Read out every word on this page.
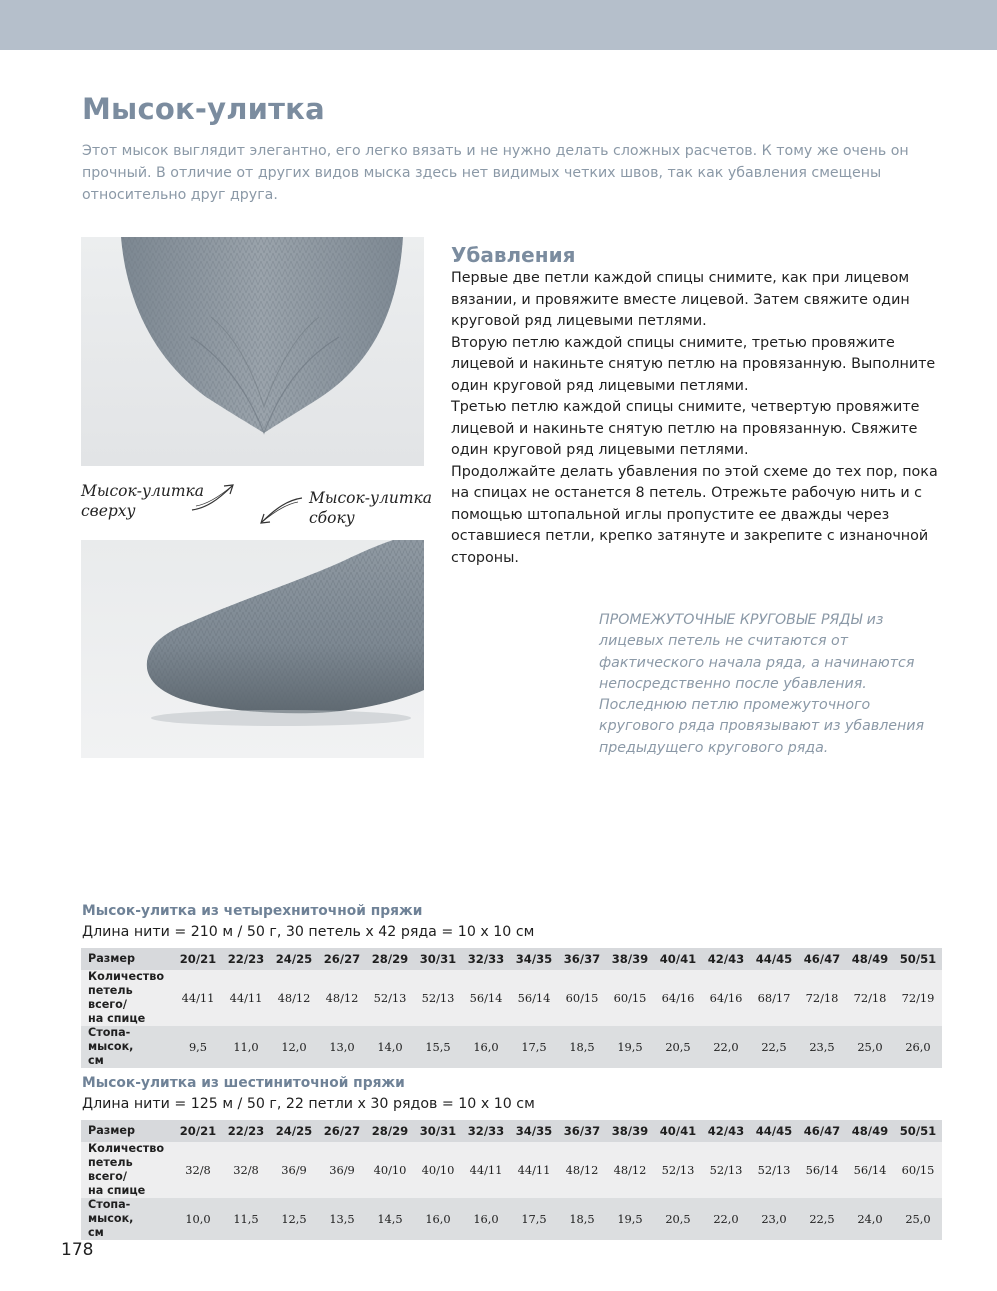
Мысок-улитка

Этот мысок выглядит элегантно, его легко вязать и не нужно делать сложных расчетов. К тому же очень он прочный. В отличие от других видов мыска здесь нет видимых четких швов, так как убавления смещены относительно друг друга.

Мысок-улитка
сверху

Мысок-улитка
сбоку

Убавления

Первые две петли каждой спицы снимите, как при лицевом вязании, и провяжите вместе лицевой. Затем свяжите один круговой ряд лицевыми петлями.

Вторую петлю каждой спицы снимите, третью провяжите лицевой и накиньте снятую петлю на провязанную. Выполните один круговой ряд лицевыми петлями.

Третью петлю каждой спицы снимите, четвертую провяжите лицевой и накиньте снятую петлю на провязанную. Свяжите один круговой ряд лицевыми петлями.

Продолжайте делать убавления по этой схеме до тех пор, пока на спицах не останется 8 петель. Отрежьте рабочую нить и с помощью штопальной иглы пропустите ее дважды через оставшиеся петли, крепко затянуте и закрепите с изнаночной стороны.

ПРОМЕЖУТОЧНЫЕ КРУГОВЫЕ РЯДЫ из лицевых петель не считаются от фактического начала ряда, а начинаются непосредственно после убавления. Последнюю петлю промежуточного кругового ряда провязывают из убавления предыдущего кругового ряда.

Мысок-улитка из четырехниточной пряжи

Длина нити = 210 м / 50 г, 30 петель х 42 ряда = 10 х 10 см

Размер	20/21	22/23	24/25	26/27	28/29	30/31	32/33	34/35	36/37	38/39	40/41	42/43	44/45	46/47	48/49	50/51
Количество
петель всего/
на спице	44/11	44/11	48/12	48/12	52/13	52/13	56/14	56/14	60/15	60/15	64/16	64/16	68/17	72/18	72/18	72/19
Стопа-мысок,
см	9,5	11,0	12,0	13,0	14,0	15,5	16,0	17,5	18,5	19,5	20,5	22,0	22,5	23,5	25,0	26,0

Мысок-улитка из шестиниточной пряжи

Длина нити = 125 м / 50 г, 22 петли х 30 рядов = 10 х 10 см

Размер	20/21	22/23	24/25	26/27	28/29	30/31	32/33	34/35	36/37	38/39	40/41	42/43	44/45	46/47	48/49	50/51
Количество
петель всего/
на спице	32/8	32/8	36/9	36/9	40/10	40/10	44/11	44/11	48/12	48/12	52/13	52/13	52/13	56/14	56/14	60/15
Стопа-мысок,
см	10,0	11,5	12,5	13,5	14,5	16,0	16,0	17,5	18,5	19,5	20,5	22,0	23,0	22,5	24,0	25,0

178
